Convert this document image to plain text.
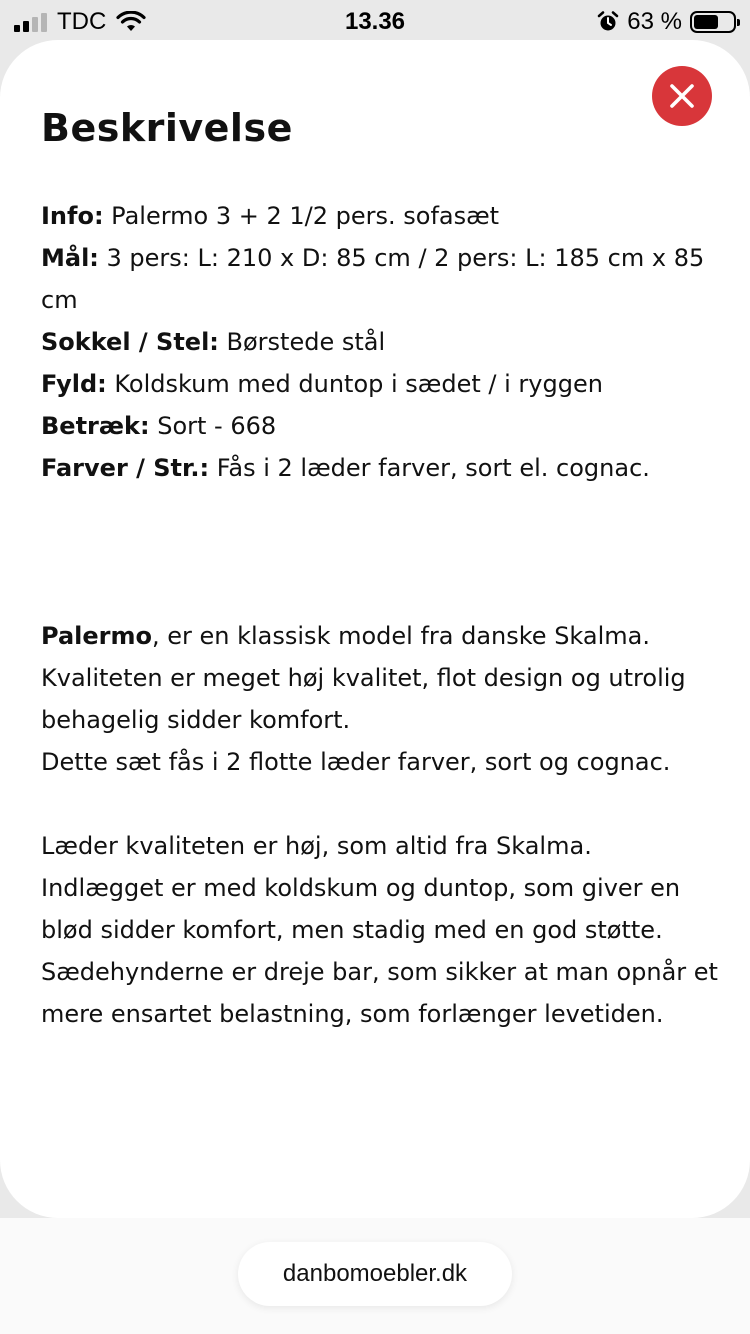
TDC	13.36	63 %
Beskrivelse
Info: Palermo 3 + 2 1/2 pers. sofasæt
Mål: 3 pers: L: 210 x D: 85 cm / 2 pers: L: 185 cm x 85 cm
Sokkel / Stel: Børstede stål
Fyld: Koldskum med duntop i sædet / i ryggen
Betræk: Sort - 668
Farver / Str.: Fås i 2 læder farver, sort el. cognac.

Palermo, er en klassisk model fra danske Skalma. Kvaliteten er meget høj kvalitet, flot design og utrolig behagelig sidder komfort.

Dette sæt fås i 2 flotte læder farver, sort og cognac.

Læder kvaliteten er høj, som altid fra Skalma. Indlægget er med koldskum og duntop, som giver en blød sidder komfort, men stadig med en god støtte. Sædehynderne er dreje bar, som sikker at man opnår et mere ensartet belastning, som forlænger levetiden.

danbomoebler.dk
